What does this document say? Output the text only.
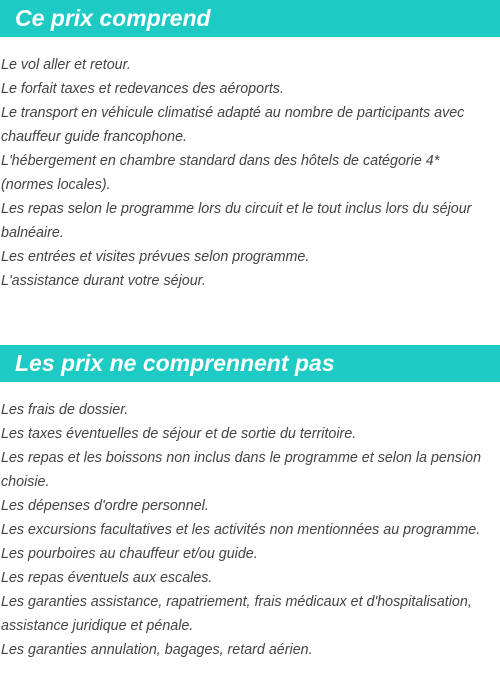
Ce prix comprend
Le vol aller et retour.
Le forfait taxes et redevances des aéroports.
Le transport en véhicule climatisé adapté au nombre de participants avec chauffeur guide francophone.
L'hébergement en chambre standard dans des hôtels de catégorie 4* (normes locales).
Les repas selon le programme lors du circuit et le tout inclus lors du séjour balnéaire.
Les entrées et visites prévues selon programme.
L'assistance durant votre séjour.
Les prix ne comprennent pas
Les frais de dossier.
Les taxes éventuelles de séjour et de sortie du territoire.
Les repas et les boissons non inclus dans le programme et selon la pension choisie.
Les dépenses d'ordre personnel.
Les excursions facultatives et les activités non mentionnées au programme.
Les pourboires au chauffeur et/ou guide.
Les repas éventuels aux escales.
Les garanties assistance, rapatriement, frais médicaux et d'hospitalisation, assistance juridique et pénale.
Les garanties annulation, bagages, retard aérien.
